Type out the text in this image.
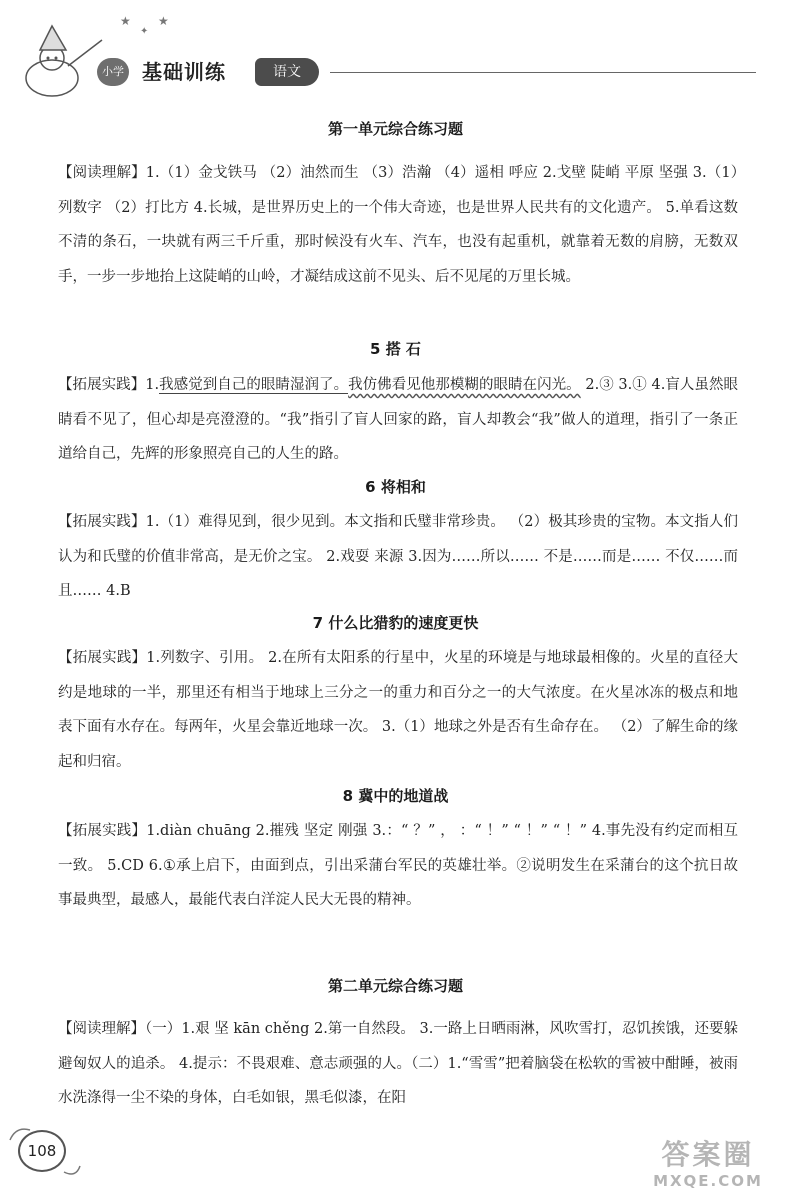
★
✦
★
小学 基础训练	语文
第一单元综合练习题
【阅读理解】1.（1）金戈铁马 （2）油然而生 （3）浩瀚 （4）遥相 呼应 2.戈壁 陡峭 平原 坚强 3.（1）列数字 （2）打比方 4.长城，是世界历史上的一个伟大奇迹，也是世界人民共有的文化遗产。 5.单看这数不清的条石，一块就有两三千斤重，那时候没有火车、汽车，也没有起重机，就靠着无数的肩膀，无数双手，一步一步地抬上这陡峭的山岭，才凝结成这前不见头、后不见尾的万里长城。
5 搭 石
【拓展实践】1.我感觉到自己的眼睛湿润了。我仿佛看见他那模糊的眼睛在闪光。 2.③ 3.① 4.盲人虽然眼睛看不见了，但心却是亮澄澄的。“我”指引了盲人回家的路，盲人却教会“我”做人的道理，指引了一条正道给自己，先辉的形象照亮自己的人生的路。
6 将相和
【拓展实践】1.（1）难得见到，很少见到。本文指和氏璧非常珍贵。 （2）极其珍贵的宝物。本文指人们认为和氏璧的价值非常高，是无价之宝。 2.戏耍 来源 3.因为……所以…… 不是……而是…… 不仅……而且…… 4.B
7 什么比猎豹的速度更快
【拓展实践】1.列数字、引用。 2.在所有太阳系的行星中，火星的环境是与地球最相像的。火星的直径大约是地球的一半，那里还有相当于地球上三分之一的重力和百分之一的大气浓度。在火星冰冻的极点和地表下面有水存在。每两年，火星会靠近地球一次。 3.（1）地球之外是否有生命存在。 （2）了解生命的缘起和归宿。
8 冀中的地道战
【拓展实践】1.diàn chuāng 2.摧残 坚定 刚强 3.：“ ？” ， ：“ ！” “ ！” “ ！” 4.事先没有约定而相互一致。 5.CD 6.①承上启下，由面到点，引出采蒲台军民的英雄壮举。②说明发生在采蒲台的这个抗日故事最典型，最感人，最能代表白洋淀人民大无畏的精神。
第二单元综合练习题
【阅读理解】（一）1.艰 坚 kān chěng 2.第一自然段。 3.一路上日晒雨淋，风吹雪打，忍饥挨饿，还要躲避匈奴人的追杀。 4.提示：不畏艰难、意志顽强的人。（二）1.“雪雪”把着脑袋在松软的雪被中酣睡，被雨水洗涤得一尘不染的身体，白毛如银，黑毛似漆，在阳
108	答案圈
MXQE.COM
